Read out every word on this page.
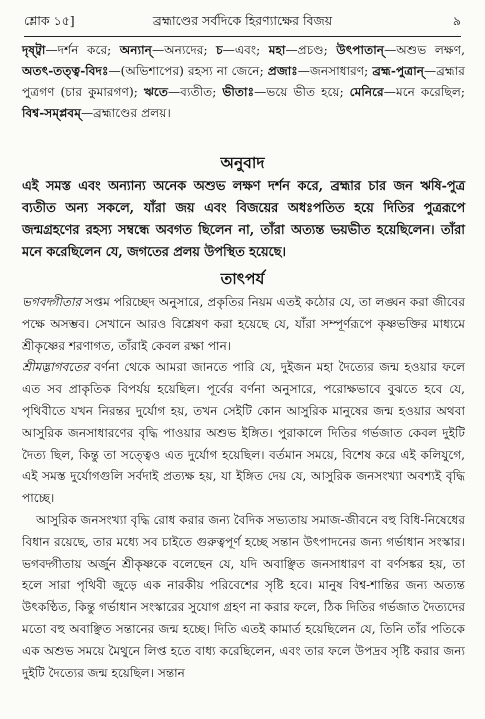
শ্লোক ১৫]	ব্রহ্মাণ্ডের সর্বদিকে হিরণ্যাক্ষের বিজয়	৯
দৃষ্ট্বা—দর্শন করে; অন্যান্—অন্যদের; চ—এবং; মহা—প্রচণ্ড; উৎপাতান্—অশুভ লক্ষণ, অতৎ-তত্ত্ব-বিদঃ—(অভিশাপের) রহস্য না জেনে; প্রজাঃ—জনসাধারণ; ব্রহ্ম-পুত্রান্—ব্রহ্মার পুত্রগণ (চার কুমারগণ); ঋতে—ব্যতীত; ভীতাঃ—ভয়ে ভীত হয়ে; মেনিরে—মনে করেছিল; বিশ্ব-সম্প্লবম্—ব্রহ্মাণ্ডের প্রলয়।
অনুবাদ
এই সমস্ত এবং অন্যান্য অনেক অশুভ লক্ষণ দর্শন করে, ব্রহ্মার চার জন ঋষি-পুত্র ব্যতীত অন্য সকলে, যাঁরা জয় এবং বিজয়ের অধঃপতিত হয়ে দিতির পুত্ররূপে জন্মগ্রহণের রহস্য সম্বন্ধে অবগত ছিলেন না, তাঁরা অত্যন্ত ভয়ভীত হয়েছিলেন। তাঁরা মনে করেছিলেন যে, জগতের প্রলয় উপস্থিত হয়েছে।
তাৎপর্য

ভগবদ্গীতার সপ্তম পরিচ্ছেদ অনুসারে, প্রকৃতির নিয়ম এতই কঠোর যে, তা লঙ্ঘন করা জীবের পক্ষে অসম্ভব। সেখানে আরও বিশ্লেষণ করা হয়েছে যে, যাঁরা সম্পূর্ণরূপে কৃষ্ণভক্তির মাধ্যমে শ্রীকৃষ্ণের শরণাগত, তাঁরাই কেবল রক্ষা পান।

শ্রীমদ্ভাগবতের বর্ণনা থেকে আমরা জানতে পারি যে, দুইজন মহা দৈত্যের জন্ম হওয়ার ফলে এত সব প্রাকৃতিক বিপর্যয় হয়েছিল। পূর্বের বর্ণনা অনুসারে, পরোক্ষভাবে বুঝতে হবে যে, পৃথিবীতে যখন নিরন্তর দুর্যোগ হয়, তখন সেইটি কোন আসুরিক মানুষের জন্ম হওয়ার অথবা আসুরিক জনসাধারণের বৃদ্ধি পাওয়ার অশুভ ইঙ্গিত। পুরাকালে দিতির গর্ভজাত কেবল দুইটি দৈত্য ছিল, কিন্তু তা সত্ত্বেও এত দুর্যোগ হয়েছিল। বর্তমান সময়ে, বিশেষ করে এই কলিযুগে, এই সমস্ত দুর্যোগগুলি সর্বদাই প্রত্যক্ষ হয়, যা ইঙ্গিত দেয় যে, আসুরিক জনসংখ্যা অবশ্যই বৃদ্ধি পাচ্ছে।

আসুরিক জনসংখ্যা বৃদ্ধি রোধ করার জন্য বৈদিক সভ্যতায় সমাজ-জীবনে বহু বিধি-নিষেধের বিধান রয়েছে, তার মধ্যে সব চাইতে গুরুত্বপূর্ণ হচ্ছে সন্তান উৎপাদনের জন্য গর্ভাধান সংস্কার। ভগবদ্গীতায় অর্জুন শ্রীকৃষ্ণকে বলেছেন যে, যদি অবাঞ্ছিত জনসাধারণ বা বর্ণসঙ্কর হয়, তা হলে সারা পৃথিবী জুড়ে এক নারকীয় পরিবেশের সৃষ্টি হবে। মানুষ বিশ্ব-শান্তির জন্য অত্যন্ত উৎকণ্ঠিত, কিন্তু গর্ভাধান সংস্কারের সুযোগ গ্রহণ না করার ফলে, ঠিক দিতির গর্ভজাত দৈত্যদের মতো বহু অবাঞ্ছিত সন্তানের জন্ম হচ্ছে। দিতি এতই কামার্ত হয়েছিলেন যে, তিনি তাঁর পতিকে এক অশুভ সময়ে মৈথুনে লিপ্ত হতে বাধ্য করেছিলেন, এবং তার ফলে উপদ্রব সৃষ্টি করার জন্য দুইটি দৈত্যের জন্ম হয়েছিল। সন্তান
